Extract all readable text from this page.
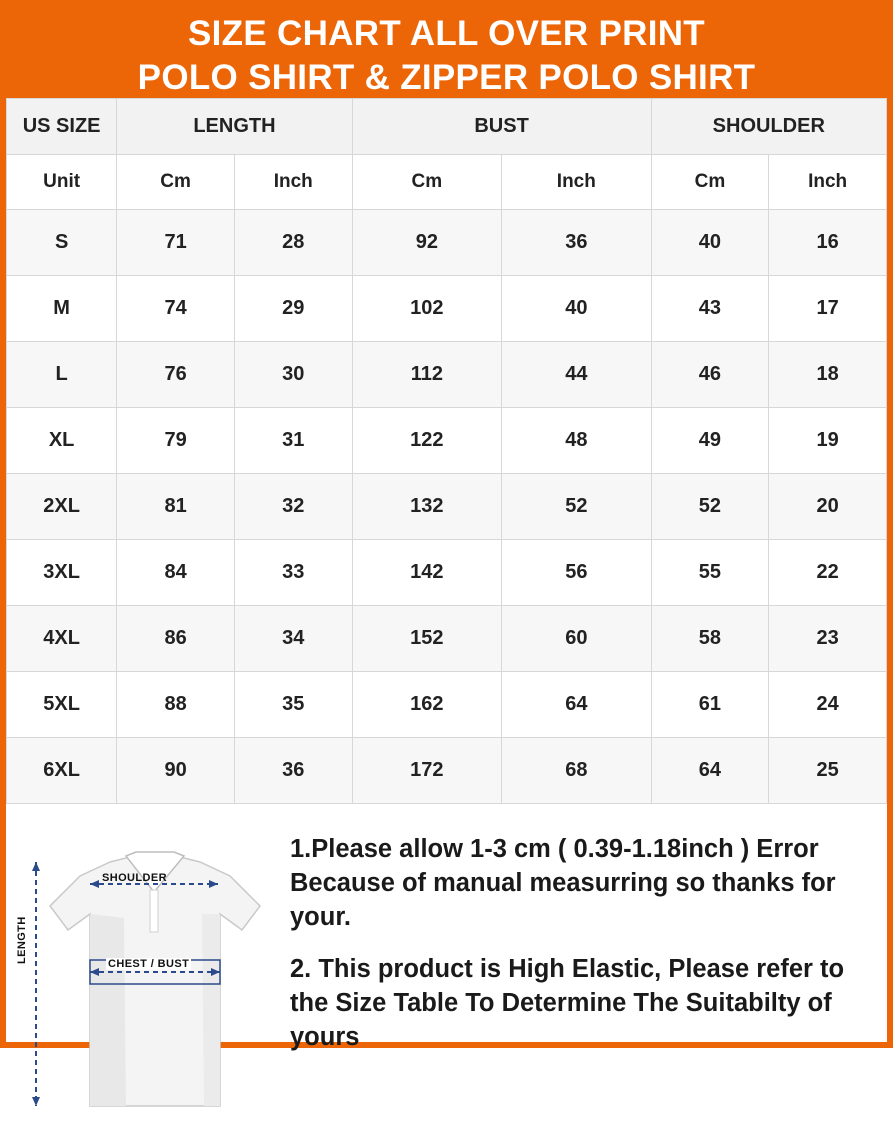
SIZE CHART ALL OVER PRINT
POLO SHIRT & ZIPPER POLO SHIRT
US SIZE	LENGTH		BUST		SHOULDER	
Unit	Cm	Inch	Cm	Inch	Cm	Inch
S	71	28	92	36	40	16
M	74	29	102	40	43	17
L	76	30	112	44	46	18
XL	79	31	122	48	49	19
2XL	81	32	132	52	52	20
3XL	84	33	142	56	55	22
4XL	86	34	152	60	58	23
5XL	88	35	162	64	61	24
6XL	90	36	172	68	64	25
SHOULDER
CHEST / BUST
LENGTH
1.Please allow 1-3 cm ( 0.39-1.18inch ) Error Because of manual measurring so thanks for your.
2. This product is High Elastic, Please refer to the Size Table To Determine The Suitabilty of yours
